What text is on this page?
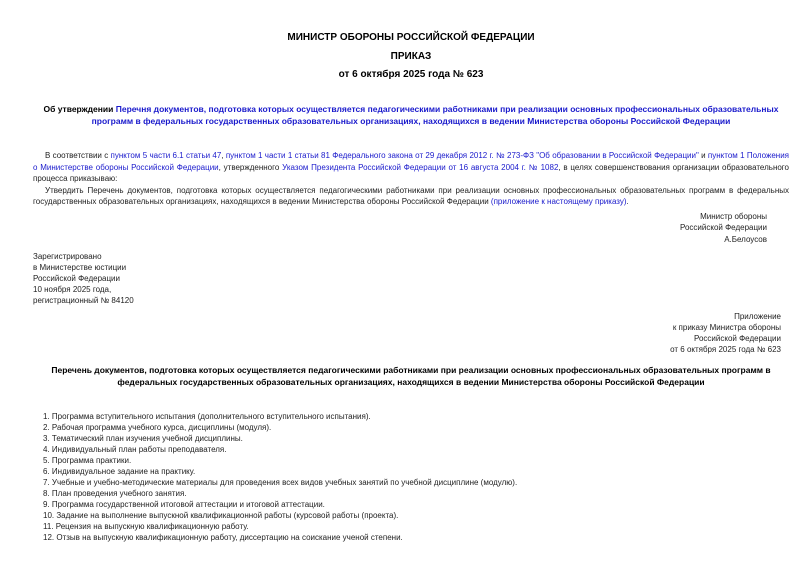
МИНИСТР ОБОРОНЫ РОССИЙСКОЙ ФЕДЕРАЦИИ
ПРИКАЗ
от 6 октября 2025 года № 623
Об утверждении Перечня документов, подготовка которых осуществляется педагогическими работниками при реализации основных профессиональных образовательных программ в федеральных государственных образовательных организациях, находящихся в ведении Министерства обороны Российской Федерации

В соответствии с пунктом 5 части 6.1 статьи 47, пунктом 1 части 1 статьи 81 Федерального закона от 29 декабря 2012 г. № 273-ФЗ "Об образовании в Российской Федерации" и пунктом 1 Положения о Министерстве обороны Российской Федерации, утвержденного Указом Президента Российской Федерации от 16 августа 2004 г. № 1082, в целях совершенствования организации образовательного процесса приказываю:

Утвердить Перечень документов, подготовка которых осуществляется педагогическими работниками при реализации основных профессиональных образовательных программ в федеральных государственных образовательных организациях, находящихся в ведении Министерства обороны Российской Федерации (приложение к настоящему приказу).

Министр обороны
Российской Федерации
А.Белоусов
Зарегистрировано
в Министерстве юстиции
Российской Федерации
10 ноября 2025 года,
регистрационный № 84120
Приложение
к приказу Министра обороны
Российской Федерации
от 6 октября 2025 года № 623
Перечень документов, подготовка которых осуществляется педагогическими работниками при реализации основных профессиональных образовательных программ в федеральных государственных образовательных организациях, находящихся в ведении Министерства обороны Российской Федерации
1. Программа вступительного испытания (дополнительного вступительного испытания).
2. Рабочая программа учебного курса, дисциплины (модуля).
3. Тематический план изучения учебной дисциплины.
4. Индивидуальный план работы преподавателя.
5. Программа практики.
6. Индивидуальное задание на практику.
7. Учебные и учебно-методические материалы для проведения всех видов учебных занятий по учебной дисциплине (модулю).
8. План проведения учебного занятия.
9. Программа государственной итоговой аттестации и итоговой аттестации.
10. Задание на выполнение выпускной квалификационной работы (курсовой работы (проекта).
11. Рецензия на выпускную квалификационную работу.
12. Отзыв на выпускную квалификационную работу, диссертацию на соискание ученой степени.
